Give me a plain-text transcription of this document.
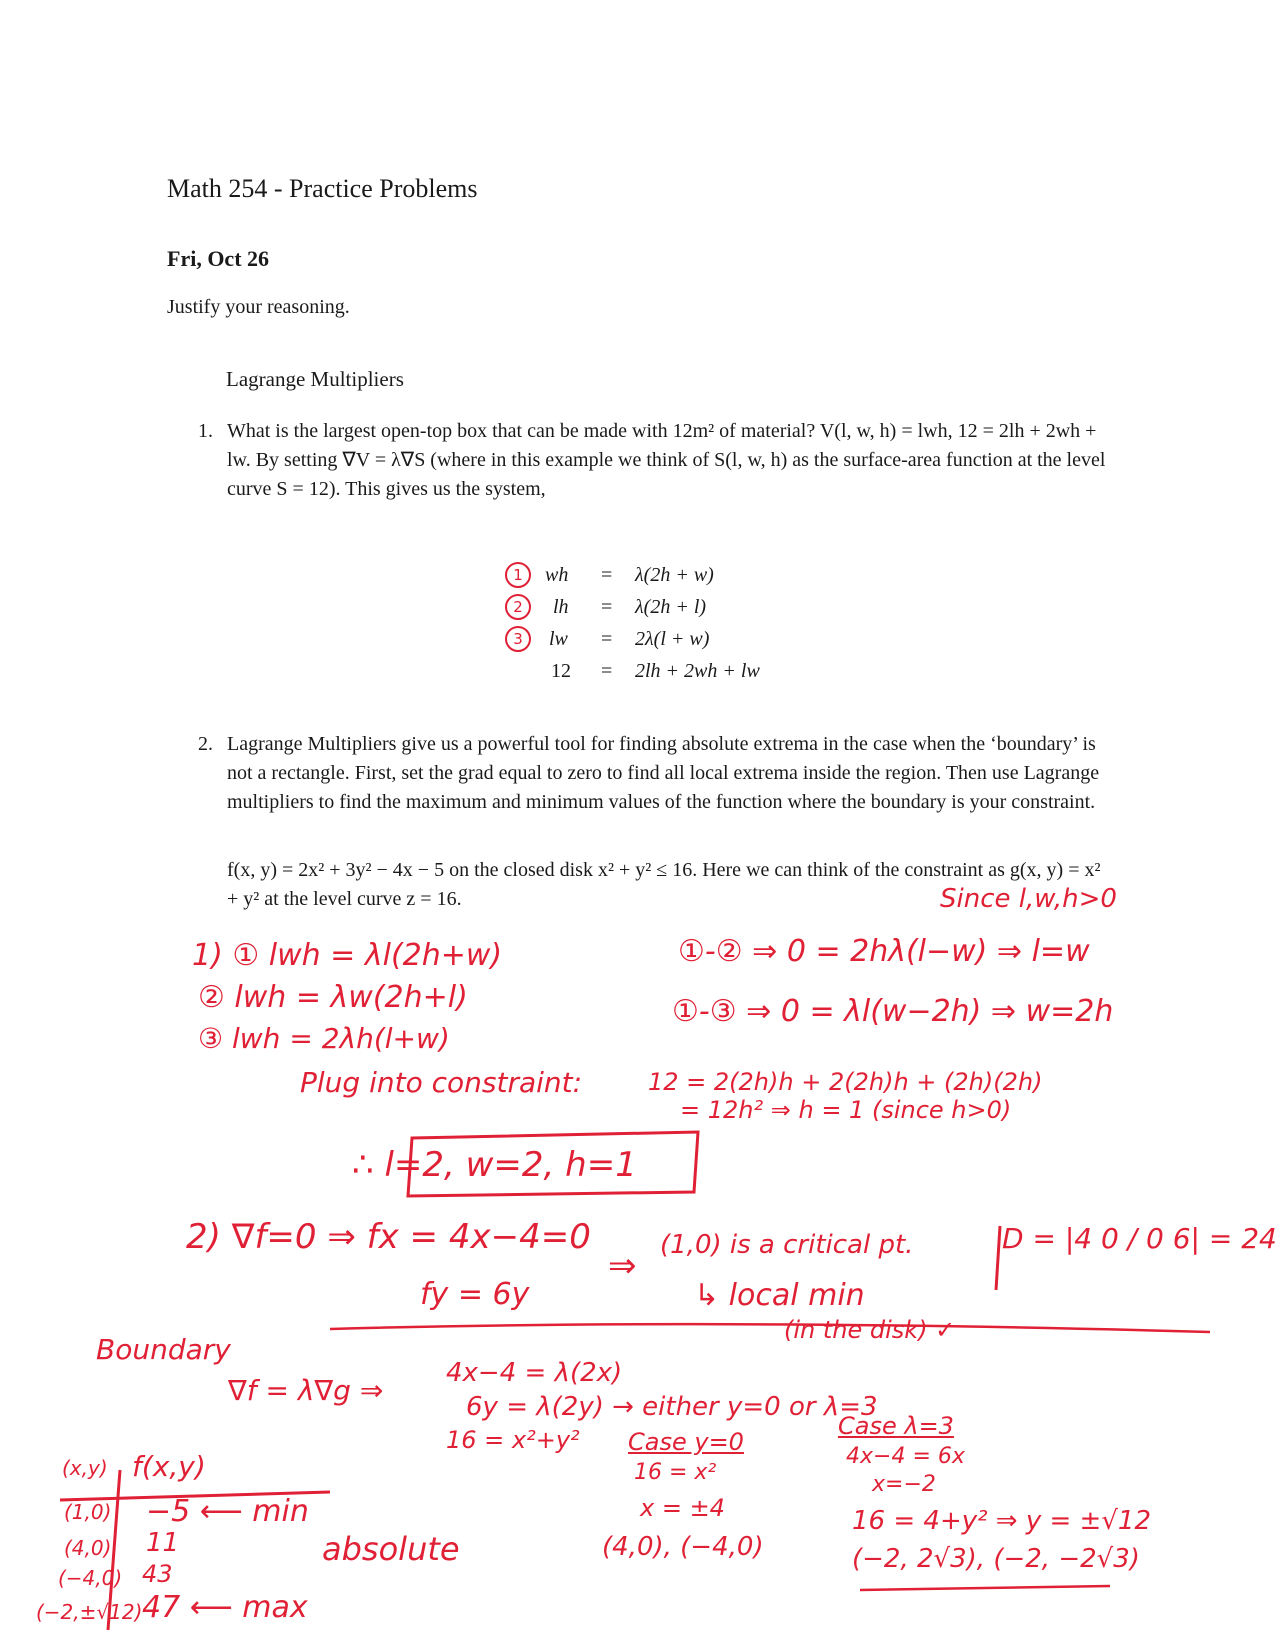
Math 254 - Practice Problems
Fri, Oct 26
Justify your reasoning.
Lagrange Multipliers
1. What is the largest open-top box that can be made with 12m² of material? V(l, w, h) = lwh, 12 = 2lh + 2wh + lw. By setting ∇V = λ∇S (where in this example we think of S(l, w, h) as the surface-area function at the level curve S = 12). This gives us the system,
1	wh = λ(2h + w)
2	lh = λ(2h + l)
3	lw = 2λ(l + w)
12 = 2lh + 2wh + lw
2. Lagrange Multipliers give us a powerful tool for finding absolute extrema in the case when the ‘boundary’ is not a rectangle. First, set the grad equal to zero to find all local extrema inside the region. Then use Lagrange multipliers to find the maximum and minimum values of the function where the boundary is your constraint.
f(x, y) = 2x² + 3y² − 4x − 5 on the closed disk x² + y² ≤ 16. Here we can think of the constraint as g(x, y) = x² + y² at the level curve z = 16.	Since l,w,h>0
1) ① lwh = λl(2h+w)
② lwh = λw(2h+l)
③ lwh = 2λh(l+w)
①-② ⇒ 0 = 2hλ(l−w) ⇒ l=w
①-③ ⇒ 0 = λl(w−2h) ⇒ w=2h
Plug into constraint:	12 = 2(2h)h + 2(2h)h + (2h)(2h)
= 12h² ⇒ h = 1 (since h>0)
∴ l=2, w=2, h=1
2) ∇f=0 ⇒ fx = 4x−4=0
fy = 6y
⇒
(1,0) is a critical pt.
↳ local min
(in the disk) ✓
D = |4 0 / 0 6| = 24
Boundary
∇f = λ∇g ⇒
4x−4 = λ(2x)
6y = λ(2y) → either y=0 or λ=3
16 = x²+y² Case y=0
16 = x²
x = ±4
(4,0), (−4,0)
Case λ=3
4x−4 = 6x
x=−2
16 = 4+y² ⇒ y = ±√12
(−2, 2√3), (−2, −2√3)
(x,y) f(x,y)
(1,0) −5 ⟵ min
(4,0) 11
(−4,0) 43
(−2,±√12) 47 ⟵ max
absolute
